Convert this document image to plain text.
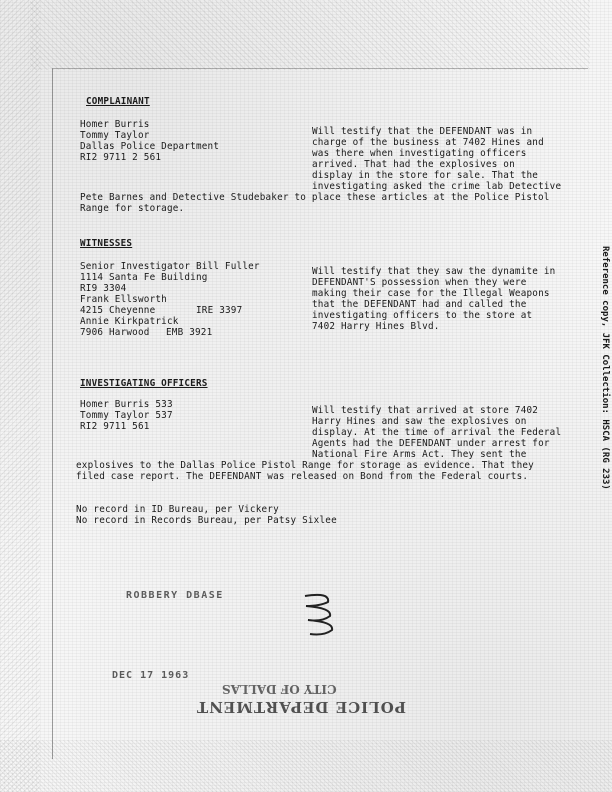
COMPLAINANT
Homer Burris
Tommy Taylor
Dallas Police Department
RI2 9711 2 561
Will testify that the DEFENDANT was in
charge of the business at 7402 Hines and
was there when investigating officers
arrived. That had the explosives on
display in the store for sale. That the
investigating asked the crime lab Detective
Pete Barnes and Detective Studebaker to place these articles at the Police Pistol
Range for storage.
WITNESSES
Senior Investigator Bill Fuller
1114 Santa Fe Building
RI9 3304
Frank Ellsworth
4215 Cheyenne	IRE 3397
Annie Kirkpatrick
7906 Harwood EMB 3921
Will testify that they saw the dynamite in
DEFENDANT'S possession when they were
making their case for the Illegal Weapons
that the DEFENDANT had and called the
investigating officers to the store at
7402 Harry Hines Blvd.
INVESTIGATING OFFICERS
Homer Burris 533
Tommy Taylor 537
RI2 9711 561
Will testify that arrived at store 7402
Harry Hines and saw the explosives on
display. At the time of arrival the Federal
Agents had the DEFENDANT under arrest for
National Fire Arms Act. They sent the
explosives to the Dallas Police Pistol Range for storage as evidence. That they
filed case report. The DEFENDANT was released on Bond from the Federal courts.
No record in ID Bureau, per Vickery
No record in Records Bureau, per Patsy Sixlee
ROBBERY DBASE
DEC 17 1963
CITY OF DALLAS
POLICE DEPARTMENT
Reference copy, JFK Collection: HSCA (RG 233)
